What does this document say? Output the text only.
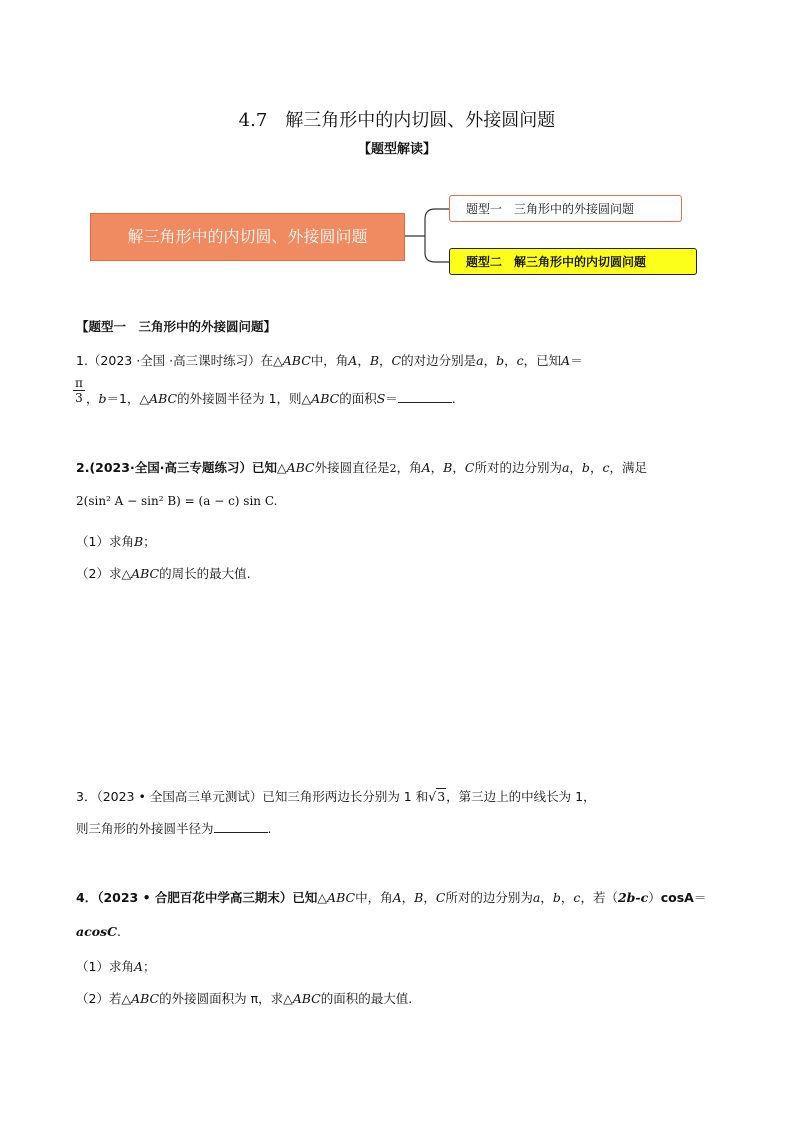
4.7 解三角形中的内切圆、外接圆问题
【题型解读】
解三角形中的内切圆、外接圆问题
题型一　三角形中的外接圆问题
题型二　解三角形中的内切圆问题
【题型一　三角形中的外接圆问题】
1.（2023 ·全国 ·高三课时练习）在△ABC中，角A，B，C的对边分别是a，b，c，已知A＝
$\frac{\pi}{3}$ ，b＝1，△ABC的外接圆半径为 1，则△ABC的面积S＝	.
2.(2023·全国·高三专题练习）已知△ABC外接圆直径是2，角A，B，C所对的边分别为a，b，c，满足
2(sin² A − sin² B) = (a − c) sin C.
（1）求角B；
（2）求△ABC的周长的最大值.
3．（2023 • 全国高三单元测试）已知三角形两边长分别为 1 和√3，第三边上的中线长为 1，
则三角形的外接圆半径为	.
4．（2023 • 合肥百花中学高三期末）已知△ABC中，角A，B，C所对的边分别为a，b，c，若（2b-c）cosA＝
acosC.
（1）求角A；
（2）若△ABC的外接圆面积为 π，求△ABC的面积的最大值.
